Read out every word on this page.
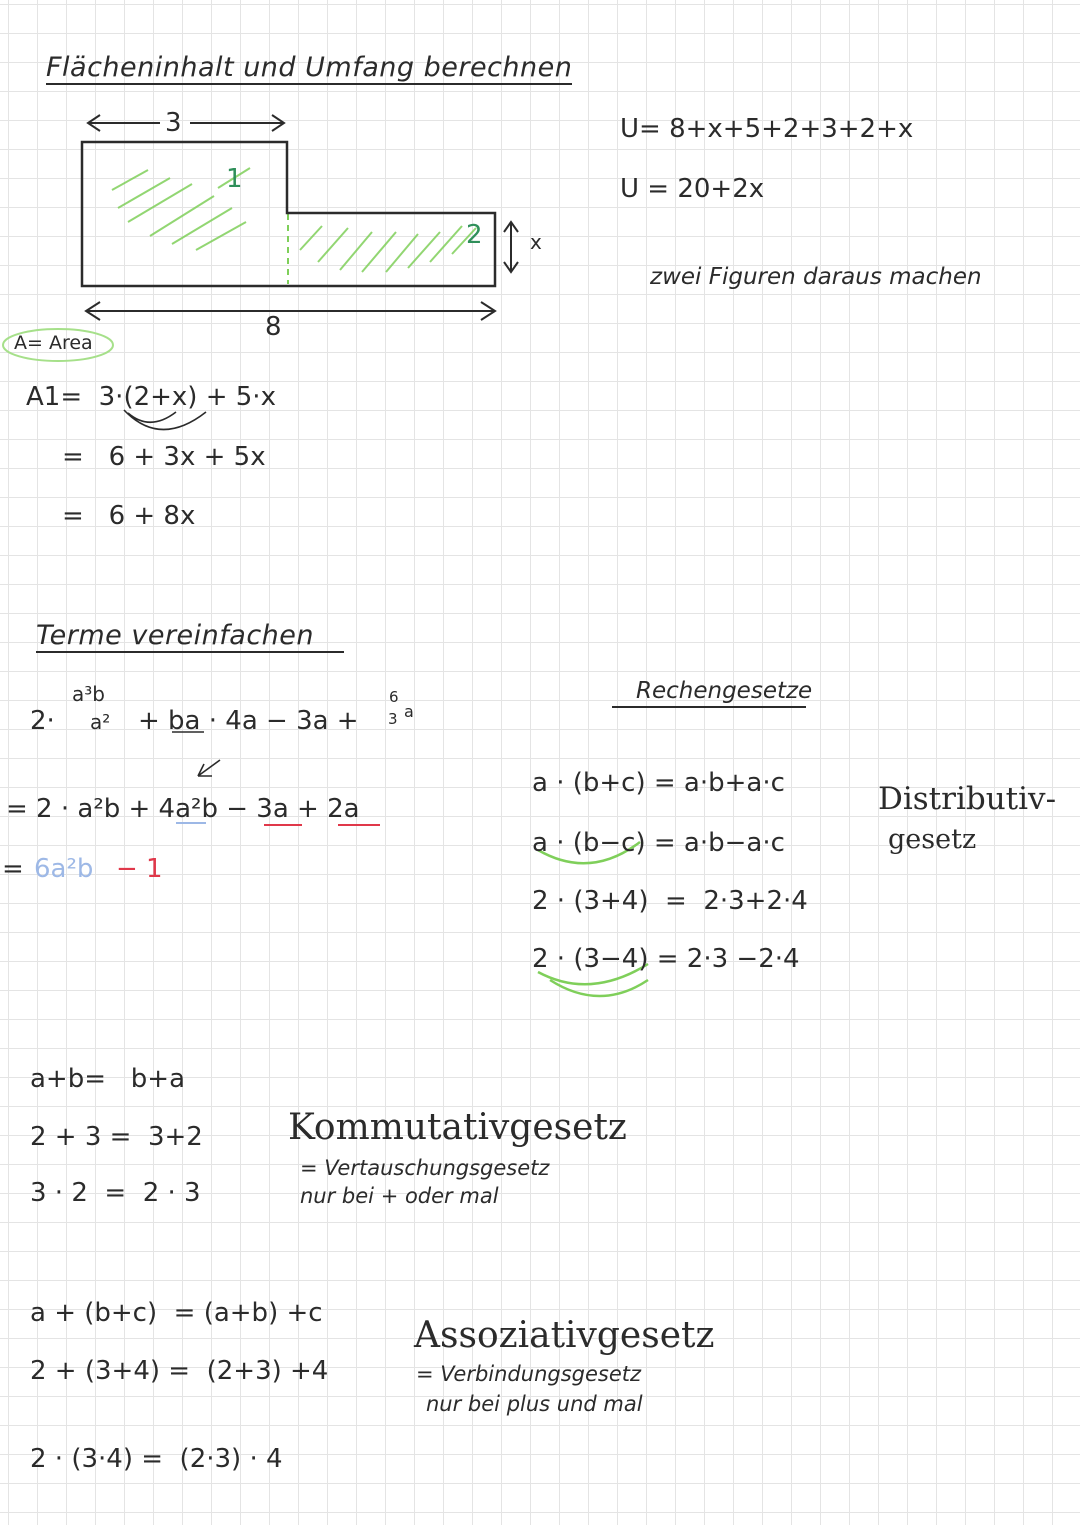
Flächeninhalt und Umfang berechnen
3
8
1
2 x
A= Area
A1=  3·(2+x) + 5·x
=   6 + 3x + 5x
=   6 + 8x
U= 8+x+5+2+3+2+x
U = 20+2x
zwei Figuren daraus machen
Terme vereinfachen
2·
a³b
a² + ba · 4a − 3a +
6
3 a
= 2 · a²b + 4a²b − 3a + 2a
= 6a²b − 1
Rechengesetze
a · (b+c) = a·b+a·c
a · (b−c) = a·b−a·c
2 · (3+4)  =  2·3+2·4
2 · (3−4) = 2·3 −2·4
Distributiv-
gesetz
a+b=   b+a
2 + 3 =  3+2
3 · 2  =  2 · 3
Kommutativgesetz
= Vertauschungsgesetz
nur bei + oder mal
a + (b+c)  = (a+b) +c
2 + (3+4) =  (2+3) +4
2 · (3·4) =  (2·3) · 4
Assoziativgesetz
= Verbindungsgesetz
nur bei plus und mal
